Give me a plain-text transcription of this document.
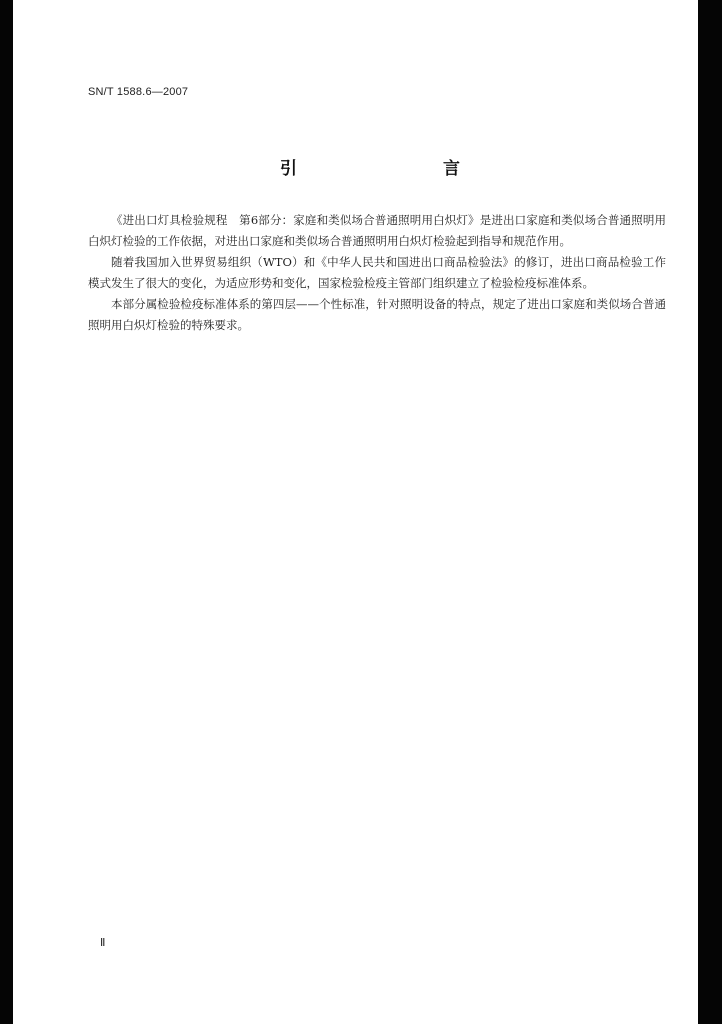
SN/T 1588.6—2007
引	言

《进出口灯具检验规程　第6部分：家庭和类似场合普通照明用白炽灯》是进出口家庭和类似场合普通照明用白炽灯检验的工作依据，对进出口家庭和类似场合普通照明用白炽灯检验起到指导和规范作用。

随着我国加入世界贸易组织（WTO）和《中华人民共和国进出口商品检验法》的修订，进出口商品检验工作模式发生了很大的变化，为适应形势和变化，国家检验检疫主管部门组织建立了检验检疫标准体系。

本部分属检验检疫标准体系的第四层——个性标准，针对照明设备的特点，规定了进出口家庭和类似场合普通照明用白炽灯检验的特殊要求。

Ⅱ
